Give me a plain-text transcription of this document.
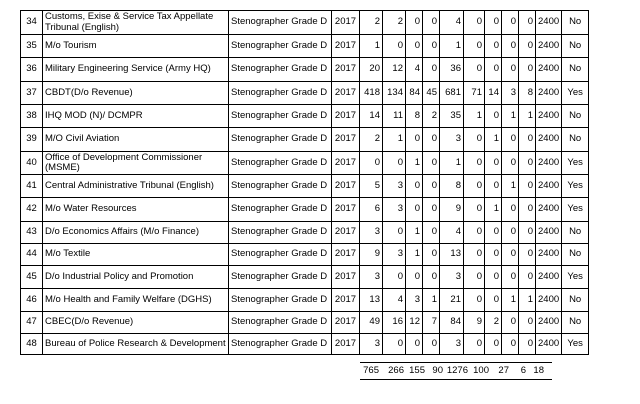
34	Customs, Exise & Service Tax Appellate Tribunal (English)	Stenographer Grade D	2017	2	2	0	0	4	0	0	0	0	2400	No
35	M/o Tourism	Stenographer Grade D	2017	1	0	0	0	1	0	0	0	0	2400	No
36	Military Engineering Service (Army HQ)	Stenographer Grade D	2017	20	12	4	0	36	0	0	0	0	2400	No
37	CBDT(D/o Revenue)	Stenographer Grade D	2017	418	134	84	45	681	71	14	3	8	2400	Yes
38	IHQ MOD (N)/ DCMPR	Stenographer Grade D	2017	14	11	8	2	35	1	0	1	1	2400	No
39	M/O Civil Aviation	Stenographer Grade D	2017	2	1	0	0	3	0	1	0	0	2400	No
40	Office of Development Commissioner (MSME)	Stenographer Grade D	2017	0	0	1	0	1	0	0	0	0	2400	Yes
41	Central Administrative Tribunal (English)	Stenographer Grade D	2017	5	3	0	0	8	0	0	1	0	2400	Yes
42	M/o Water Resources	Stenographer Grade D	2017	6	3	0	0	9	0	1	0	0	2400	Yes
43	D/o Economics Affairs (M/o Finance)	Stenographer Grade D	2017	3	0	1	0	4	0	0	0	0	2400	No
44	M/o Textile	Stenographer Grade D	2017	9	3	1	0	13	0	0	0	0	2400	No
45	D/o Industrial Policy and Promotion	Stenographer Grade D	2017	3	0	0	0	3	0	0	0	0	2400	Yes
46	M/o Health and Family Welfare (DGHS)	Stenographer Grade D	2017	13	4	3	1	21	0	0	1	1	2400	No
47	CBEC(D/o Revenue)	Stenographer Grade D	2017	49	16	12	7	84	9	2	0	0	2400	No
48	Bureau of Police Research & Development	Stenographer Grade D	2017	3	0	0	0	3	0	0	0	0	2400	Yes
765 266 155 90 1276 100 27	6 18
